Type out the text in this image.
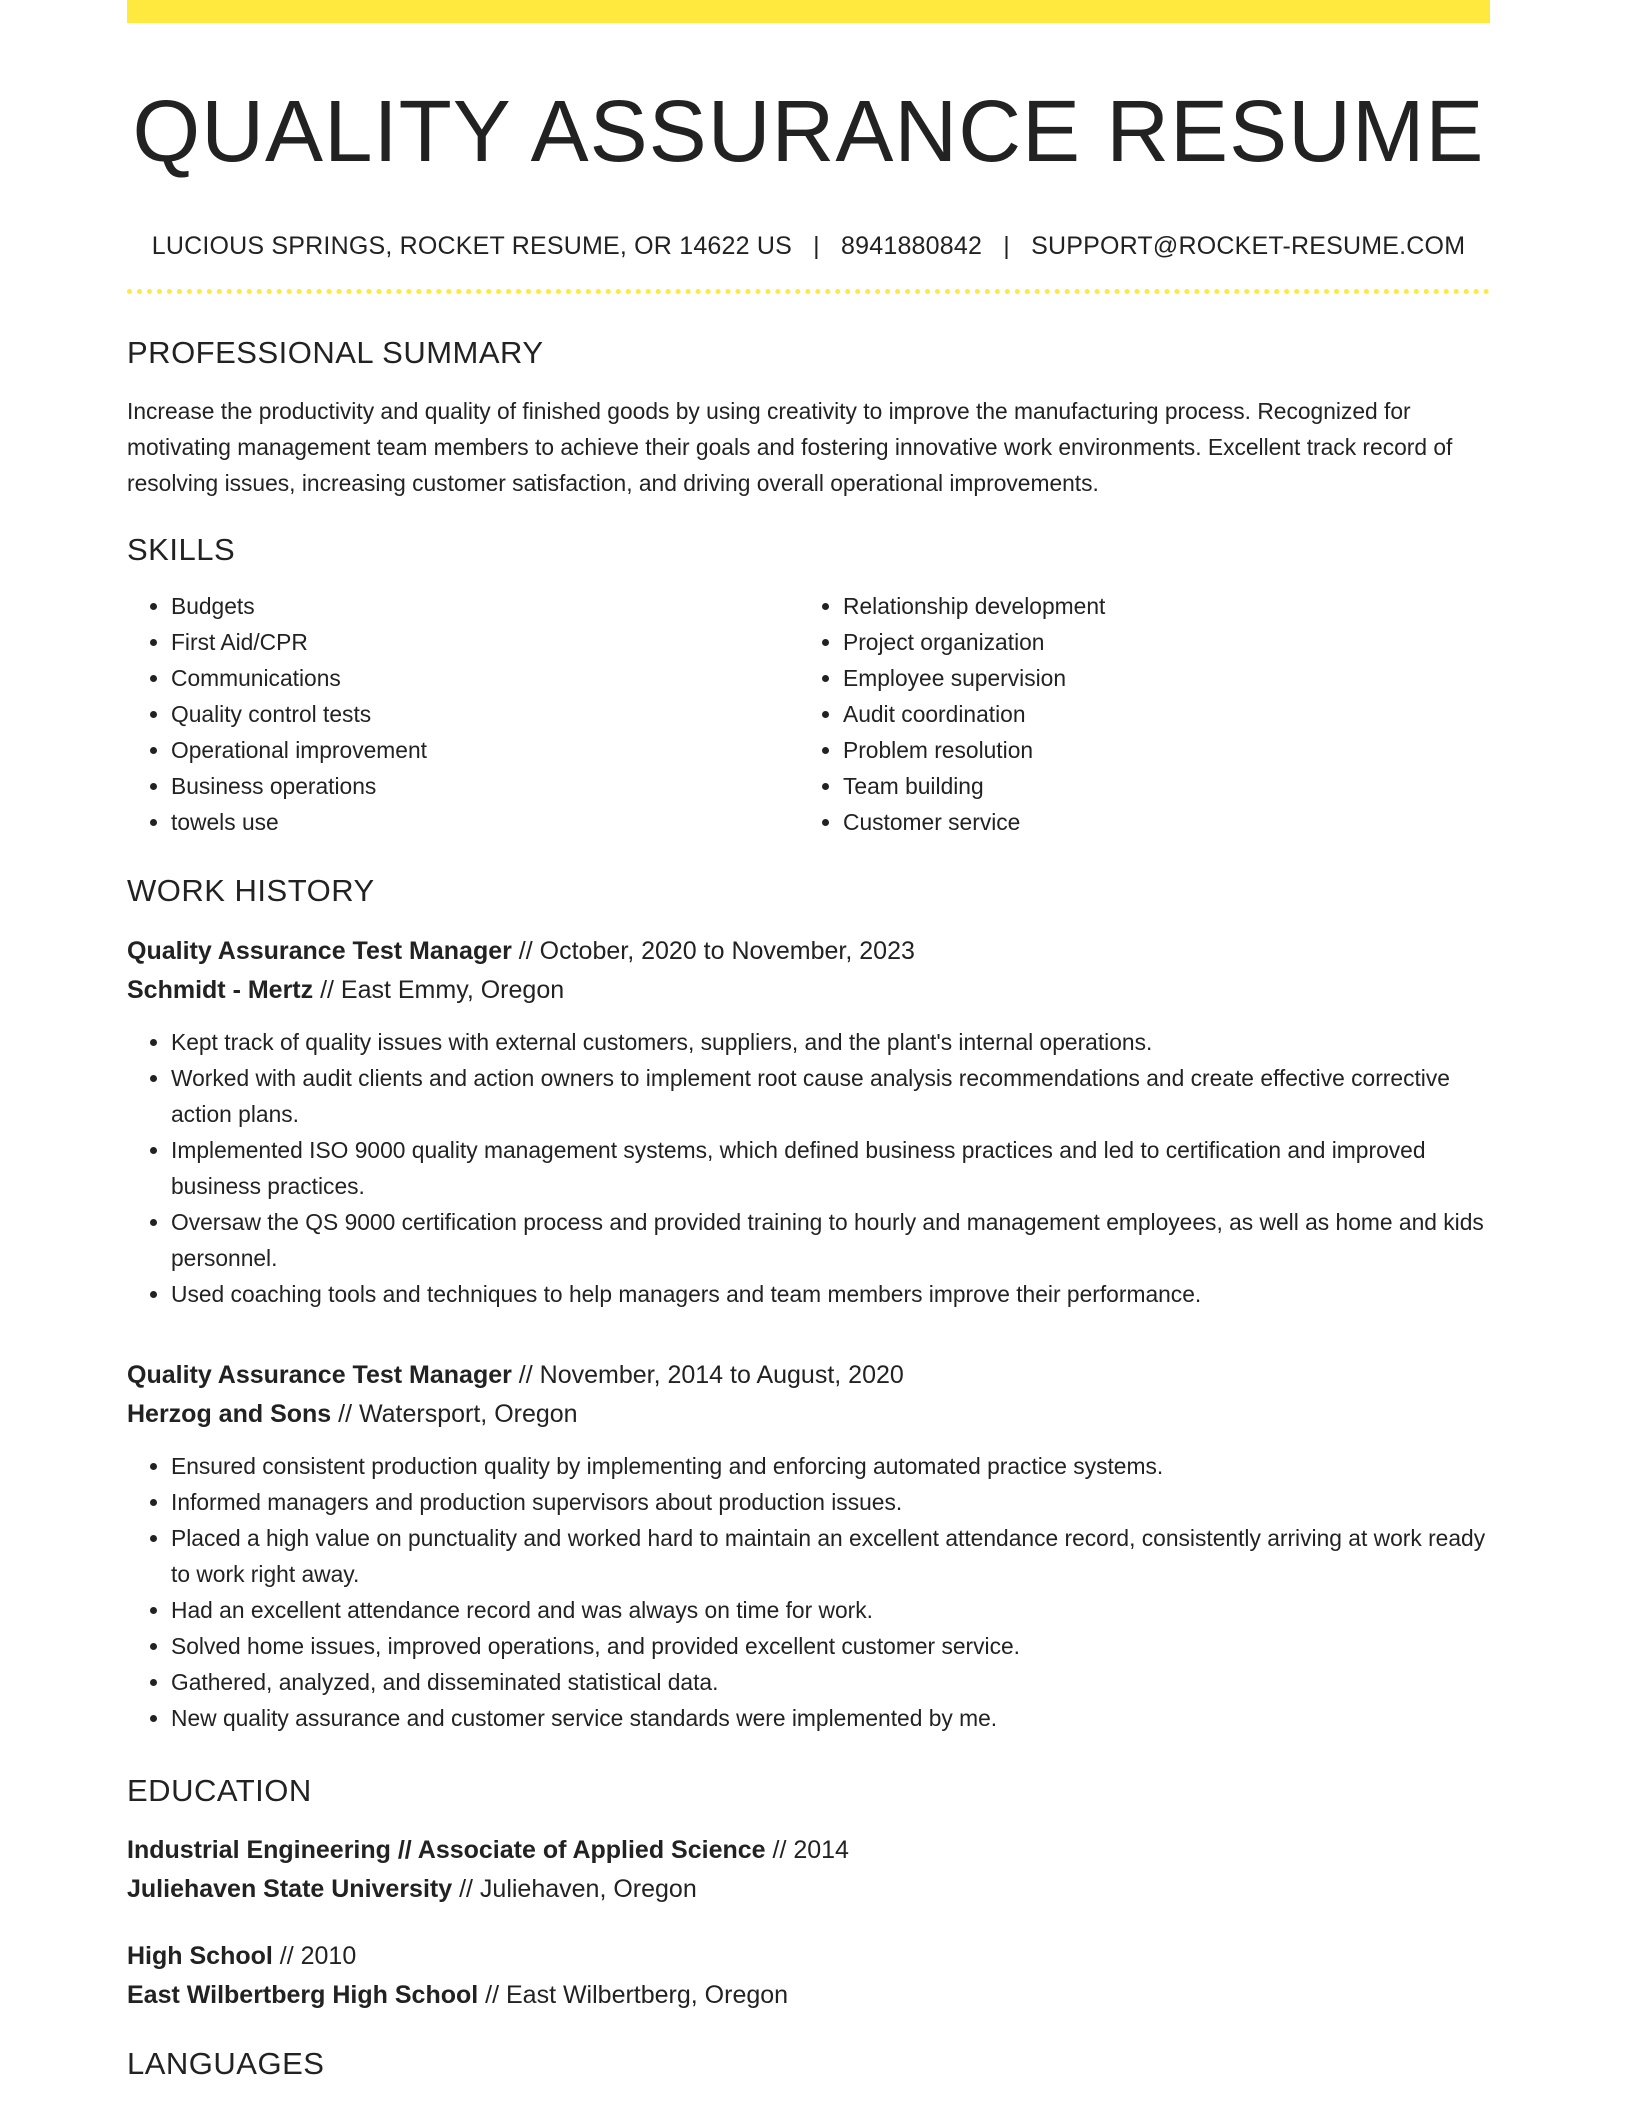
QUALITY ASSURANCE RESUME
LUCIOUS SPRINGS, ROCKET RESUME, OR 14622 US | 8941880842 | SUPPORT@ROCKET-RESUME.COM
PROFESSIONAL SUMMARY
Increase the productivity and quality of finished goods by using creativity to improve the manufacturing process. Recognized for motivating management team members to achieve their goals and fostering innovative work environments. Excellent track record of resolving issues, increasing customer satisfaction, and driving overall operational improvements.
SKILLS
• Budgets
• First Aid/CPR
• Communications
• Quality control tests
• Operational improvement
• Business operations
• towels use
• Relationship development
• Project organization
• Employee supervision
• Audit coordination
• Problem resolution
• Team building
• Customer service
WORK HISTORY
Quality Assurance Test Manager // October, 2020 to November, 2023
Schmidt - Mertz // East Emmy, Oregon
• Kept track of quality issues with external customers, suppliers, and the plant's internal operations.
• Worked with audit clients and action owners to implement root cause analysis recommendations and create effective corrective action plans.
• Implemented ISO 9000 quality management systems, which defined business practices and led to certification and improved business practices.
• Oversaw the QS 9000 certification process and provided training to hourly and management employees, as well as home and kids personnel.
• Used coaching tools and techniques to help managers and team members improve their performance.
Quality Assurance Test Manager // November, 2014 to August, 2020
Herzog and Sons // Watersport, Oregon
• Ensured consistent production quality by implementing and enforcing automated practice systems.
• Informed managers and production supervisors about production issues.
• Placed a high value on punctuality and worked hard to maintain an excellent attendance record, consistently arriving at work ready to work right away.
• Had an excellent attendance record and was always on time for work.
• Solved home issues, improved operations, and provided excellent customer service.
• Gathered, analyzed, and disseminated statistical data.
• New quality assurance and customer service standards were implemented by me.
EDUCATION
Industrial Engineering // Associate of Applied Science // 2014
Juliehaven State University // Juliehaven, Oregon
High School // 2010
East Wilbertberg High School // East Wilbertberg, Oregon
LANGUAGES
